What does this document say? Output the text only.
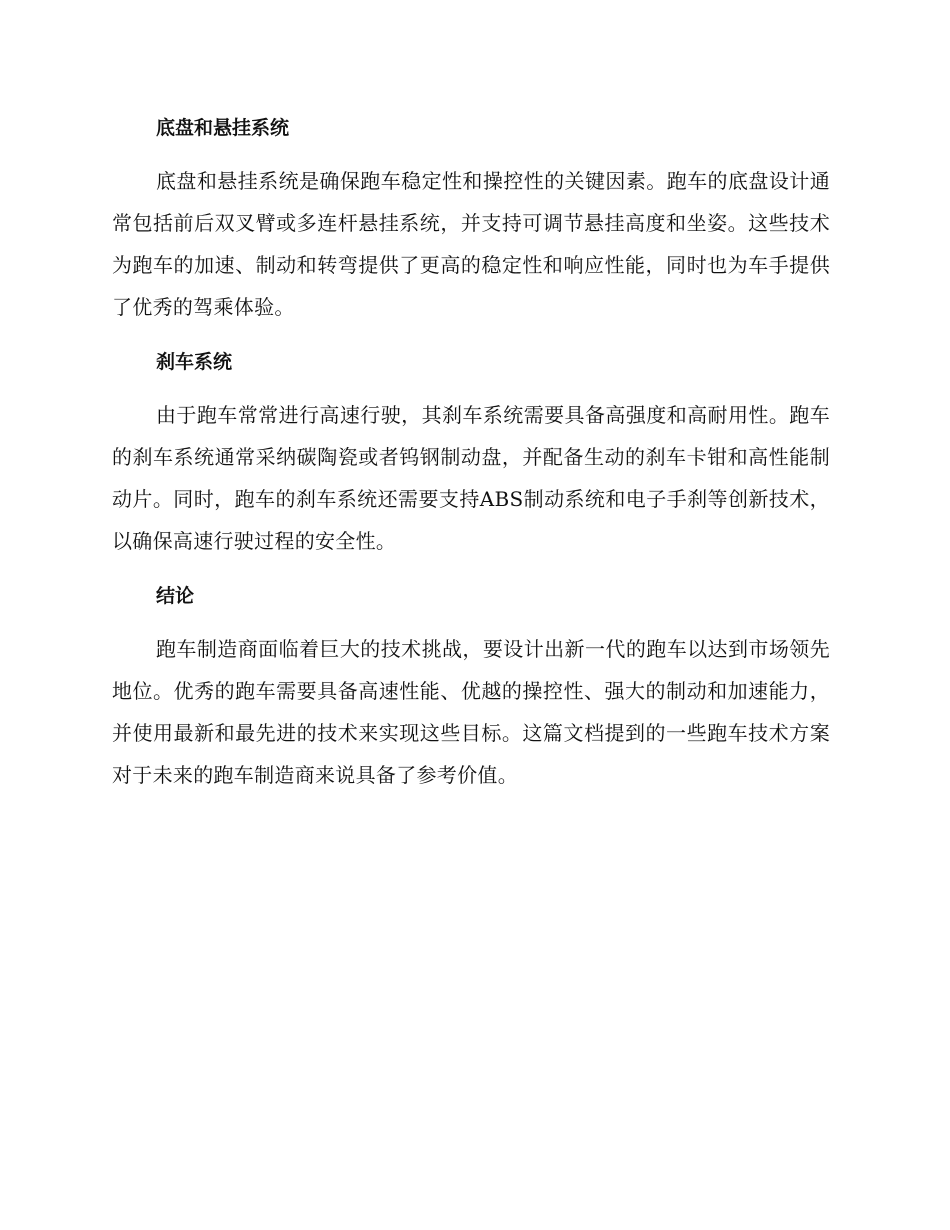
底盘和悬挂系统

底盘和悬挂系统是确保跑车稳定性和操控性的关键因素。跑车的底盘设计通常包括前后双叉臂或多连杆悬挂系统，并支持可调节悬挂高度和坐姿。这些技术为跑车的加速、制动和转弯提供了更高的稳定性和响应性能，同时也为车手提供了优秀的驾乘体验。

刹车系统

由于跑车常常进行高速行驶，其刹车系统需要具备高强度和高耐用性。跑车的刹车系统通常采纳碳陶瓷或者钨钢制动盘，并配备生动的刹车卡钳和高性能制动片。同时，跑车的刹车系统还需要支持ABS制动系统和电子手刹等创新技术，以确保高速行驶过程的安全性。

结论

跑车制造商面临着巨大的技术挑战，要设计出新一代的跑车以达到市场领先地位。优秀的跑车需要具备高速性能、优越的操控性、强大的制动和加速能力，并使用最新和最先进的技术来实现这些目标。这篇文档提到的一些跑车技术方案对于未来的跑车制造商来说具备了参考价值。
